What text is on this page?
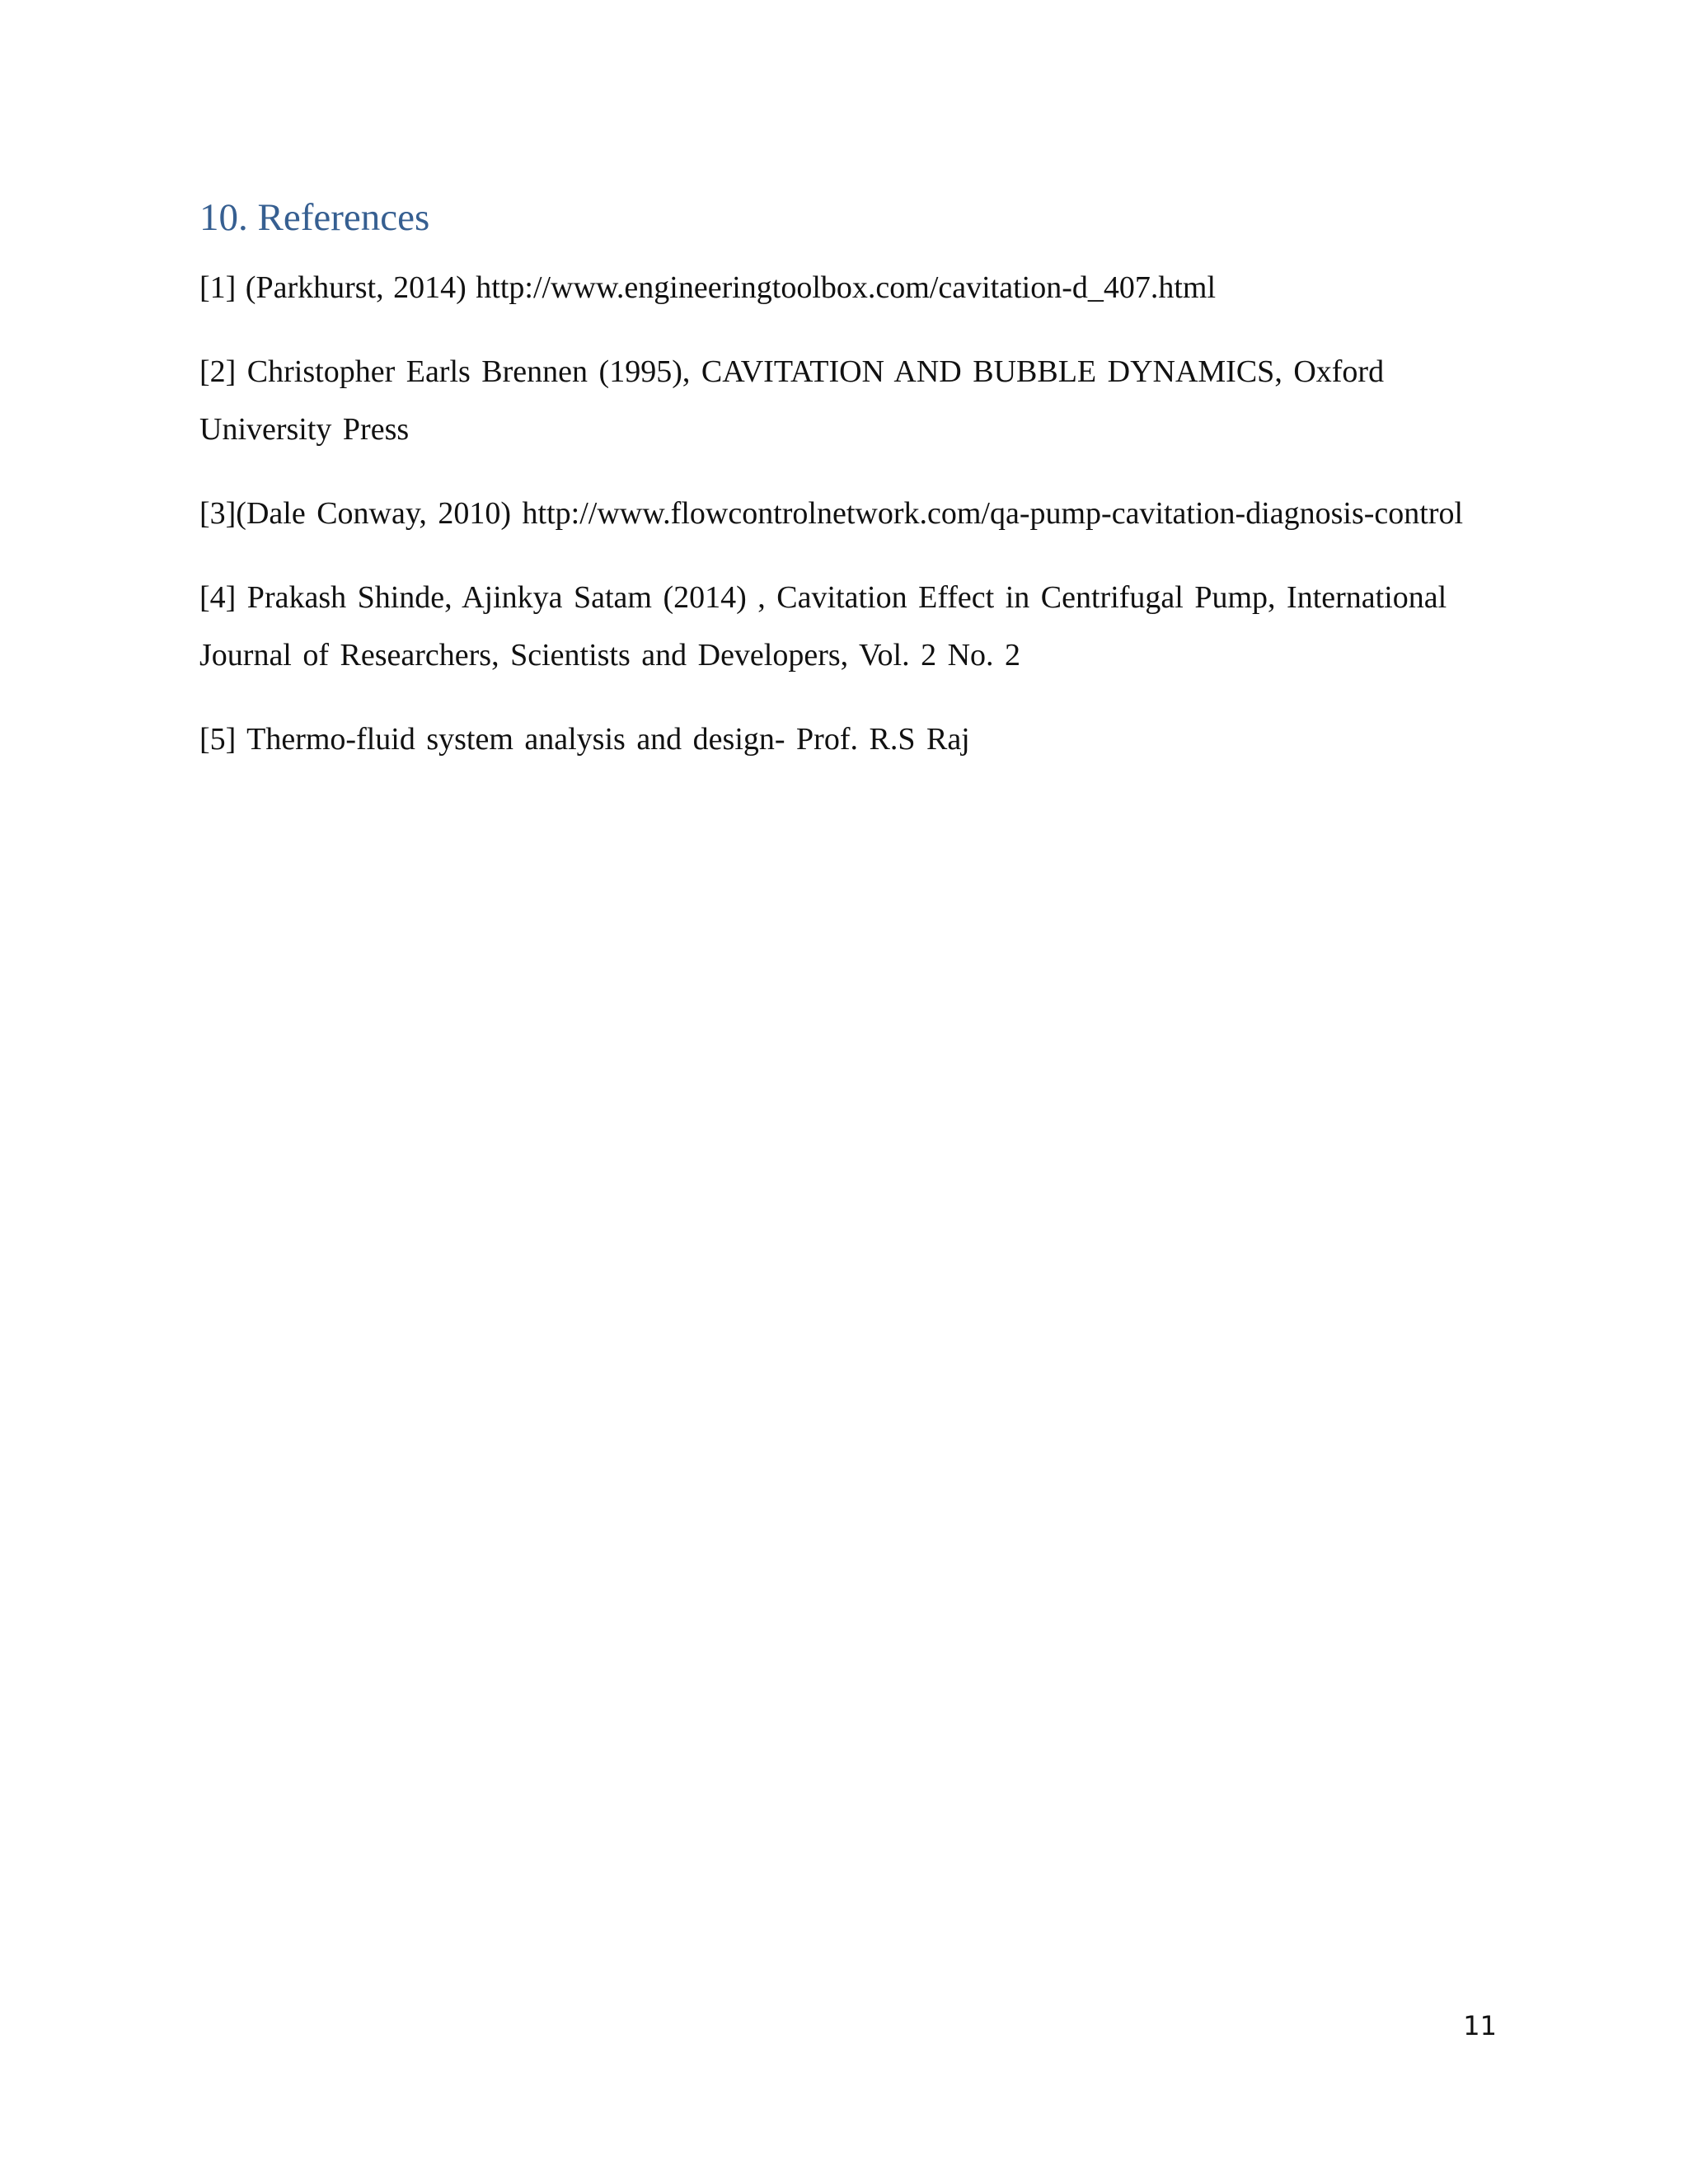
10. References

[1] (Parkhurst, 2014) http://www.engineeringtoolbox.com/cavitation-d_407.html

[2] Christopher Earls Brennen (1995), CAVITATION AND BUBBLE DYNAMICS, Oxford University Press

[3](Dale Conway, 2010) http://www.flowcontrolnetwork.com/qa-pump-cavitation-diagnosis-control

[4] Prakash Shinde, Ajinkya Satam (2014) , Cavitation Effect in Centrifugal Pump, International Journal of Researchers, Scientists and Developers, Vol. 2 No. 2

[5] Thermo-fluid system analysis and design- Prof. R.S Raj

11
